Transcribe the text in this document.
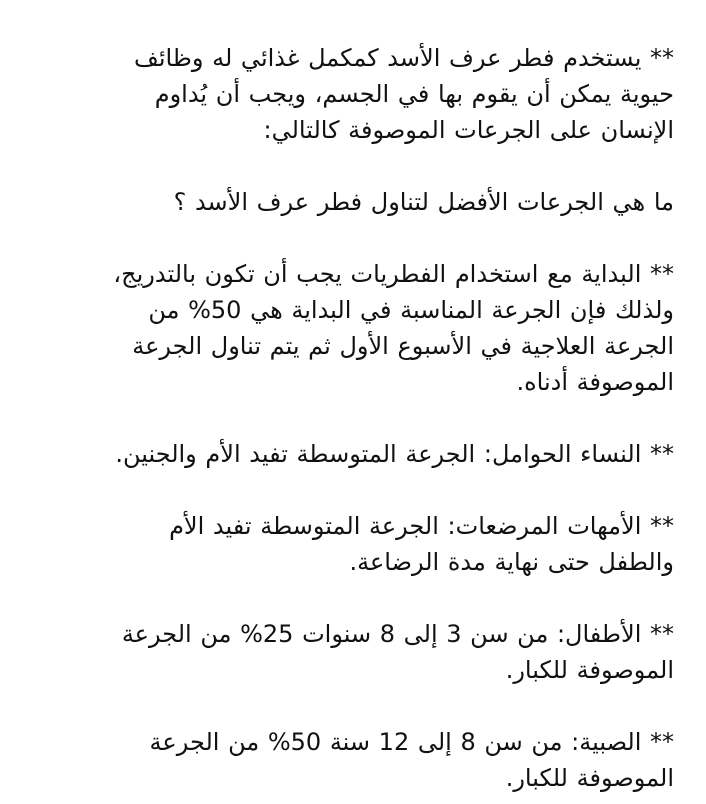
** يستخدم فطر عرف الأسد كمكمل غذائي له وظائف
حيوية يمكن أن يقوم بها في الجسم، ويجب أن يُداوم
الإنسان على الجرعات الموصوفة كالتالي:
ما هي الجرعات الأفضل لتناول فطر عرف الأسد ؟
** البداية مع استخدام الفطريات يجب أن تكون بالتدريج،
ولذلك فإن الجرعة المناسبة في البداية هي 50% من
الجرعة العلاجية في الأسبوع الأول ثم يتم تناول الجرعة
الموصوفة أدناه.
** النساء الحوامل: الجرعة المتوسطة تفيد الأم والجنين.
** الأمهات المرضعات: الجرعة المتوسطة تفيد الأم
والطفل حتى نهاية مدة الرضاعة.
** الأطفال: من سن 3 إلى 8 سنوات 25% من الجرعة
الموصوفة للكبار.
** الصبية: من سن 8 إلى 12 سنة 50% من الجرعة
الموصوفة للكبار.
